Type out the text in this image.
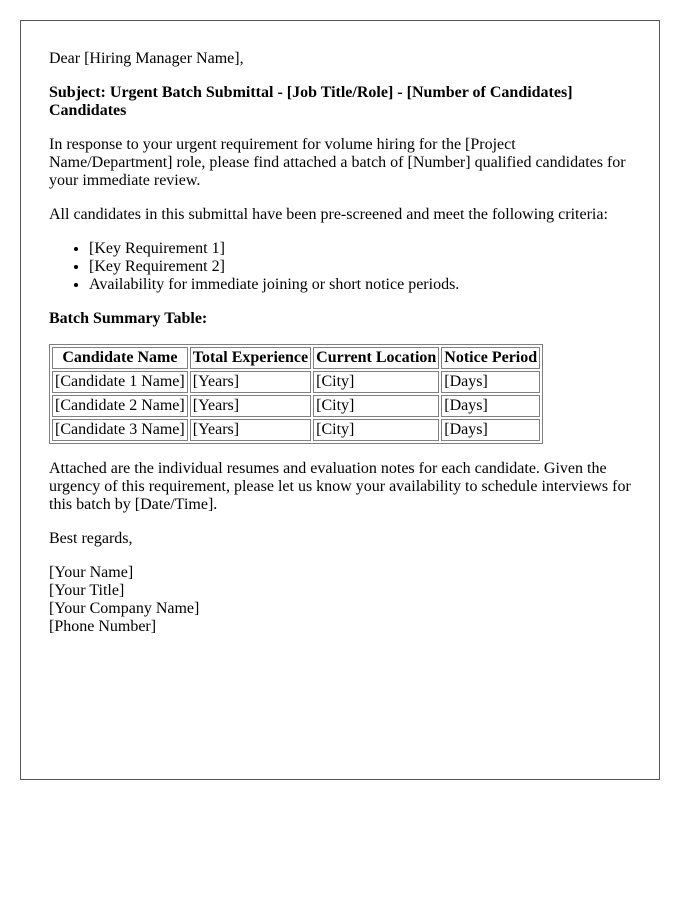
Dear [Hiring Manager Name],

Subject: Urgent Batch Submittal - [Job Title/Role] - [Number of Candidates] Candidates

In response to your urgent requirement for volume hiring for the [Project Name/Department] role, please find attached a batch of [Number] qualified candidates for your immediate review.

All candidates in this submittal have been pre-screened and meet the following criteria:

• [Key Requirement 1]
• [Key Requirement 2]
• Availability for immediate joining or short notice periods.

Batch Summary Table:

Candidate Name	Total Experience	Current Location	Notice Period
[Candidate 1 Name]	[Years]	[City]	[Days]
[Candidate 2 Name]	[Years]	[City]	[Days]
[Candidate 3 Name]	[Years]	[City]	[Days]

Attached are the individual resumes and evaluation notes for each candidate. Given the urgency of this requirement, please let us know your availability to schedule interviews for this batch by [Date/Time].

Best regards,

[Your Name]
[Your Title]
[Your Company Name]
[Phone Number]
